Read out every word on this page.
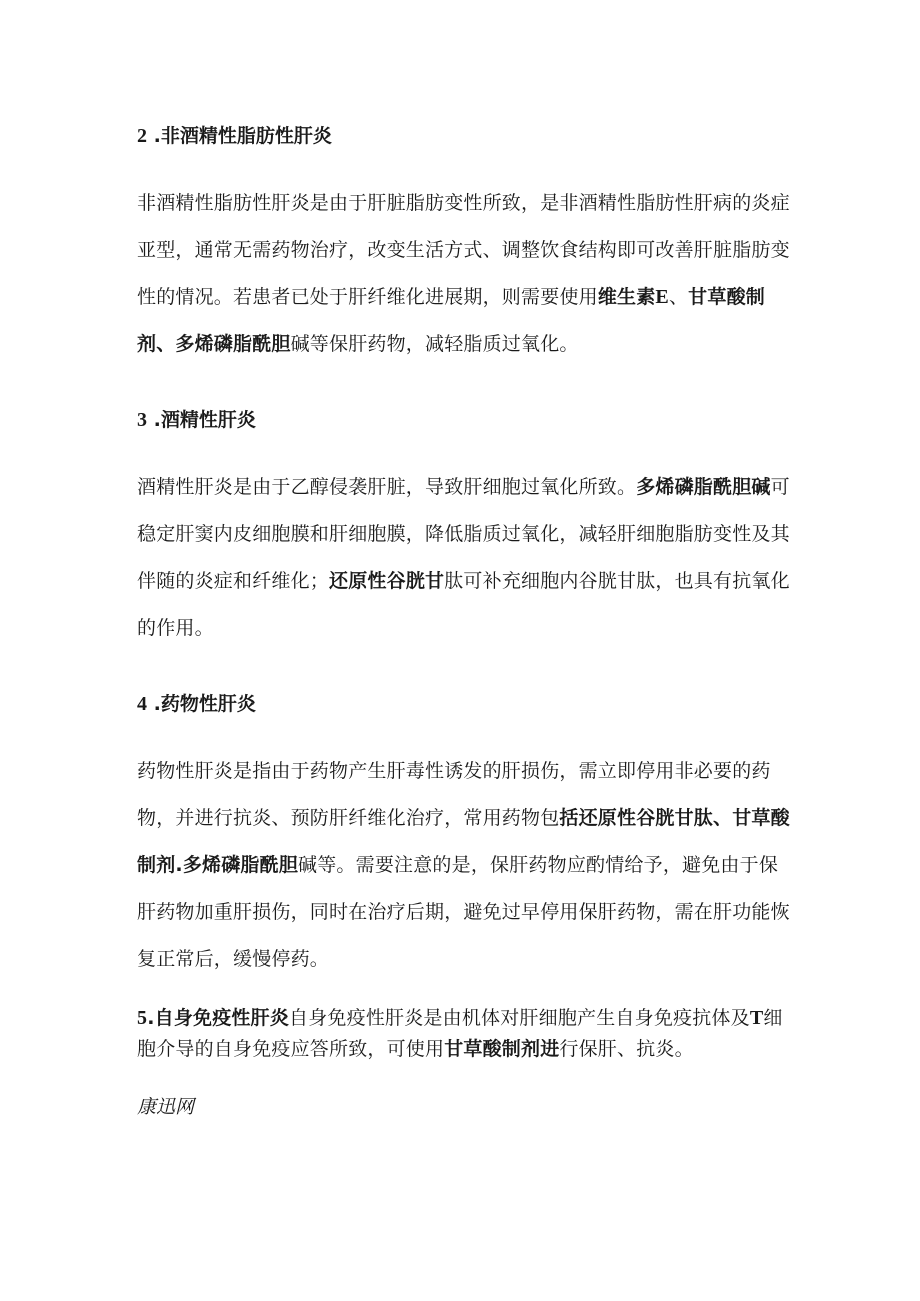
2 .非酒精性脂肪性肝炎

非酒精性脂肪性肝炎是由于肝脏脂肪变性所致，是非酒精性脂肪性肝病的炎症亚型，通常无需药物治疗，改变生活方式、调整饮食结构即可改善肝脏脂肪变性的情况。若患者已处于肝纤维化进展期，则需要使用维生素E、甘草酸制剂、多烯磷脂酰胆碱等保肝药物，减轻脂质过氧化。

3 .酒精性肝炎

酒精性肝炎是由于乙醇侵袭肝脏，导致肝细胞过氧化所致。多烯磷脂酰胆碱可稳定肝窦内皮细胞膜和肝细胞膜，降低脂质过氧化，减轻肝细胞脂肪变性及其伴随的炎症和纤维化；还原性谷胱甘肽可补充细胞内谷胱甘肽，也具有抗氧化的作用。

4 .药物性肝炎

药物性肝炎是指由于药物产生肝毒性诱发的肝损伤，需立即停用非必要的药物，并进行抗炎、预防肝纤维化治疗，常用药物包括还原性谷胱甘肽、甘草酸制剂.多烯磷脂酰胆碱等。需要注意的是，保肝药物应酌情给予，避免由于保肝药物加重肝损伤，同时在治疗后期，避免过早停用保肝药物，需在肝功能恢复正常后，缓慢停药。

5.自身免疫性肝炎自身免疫性肝炎是由机体对肝细胞产生自身免疫抗体及T细胞介导的自身免疫应答所致，可使用甘草酸制剂进行保肝、抗炎。

康迅网
